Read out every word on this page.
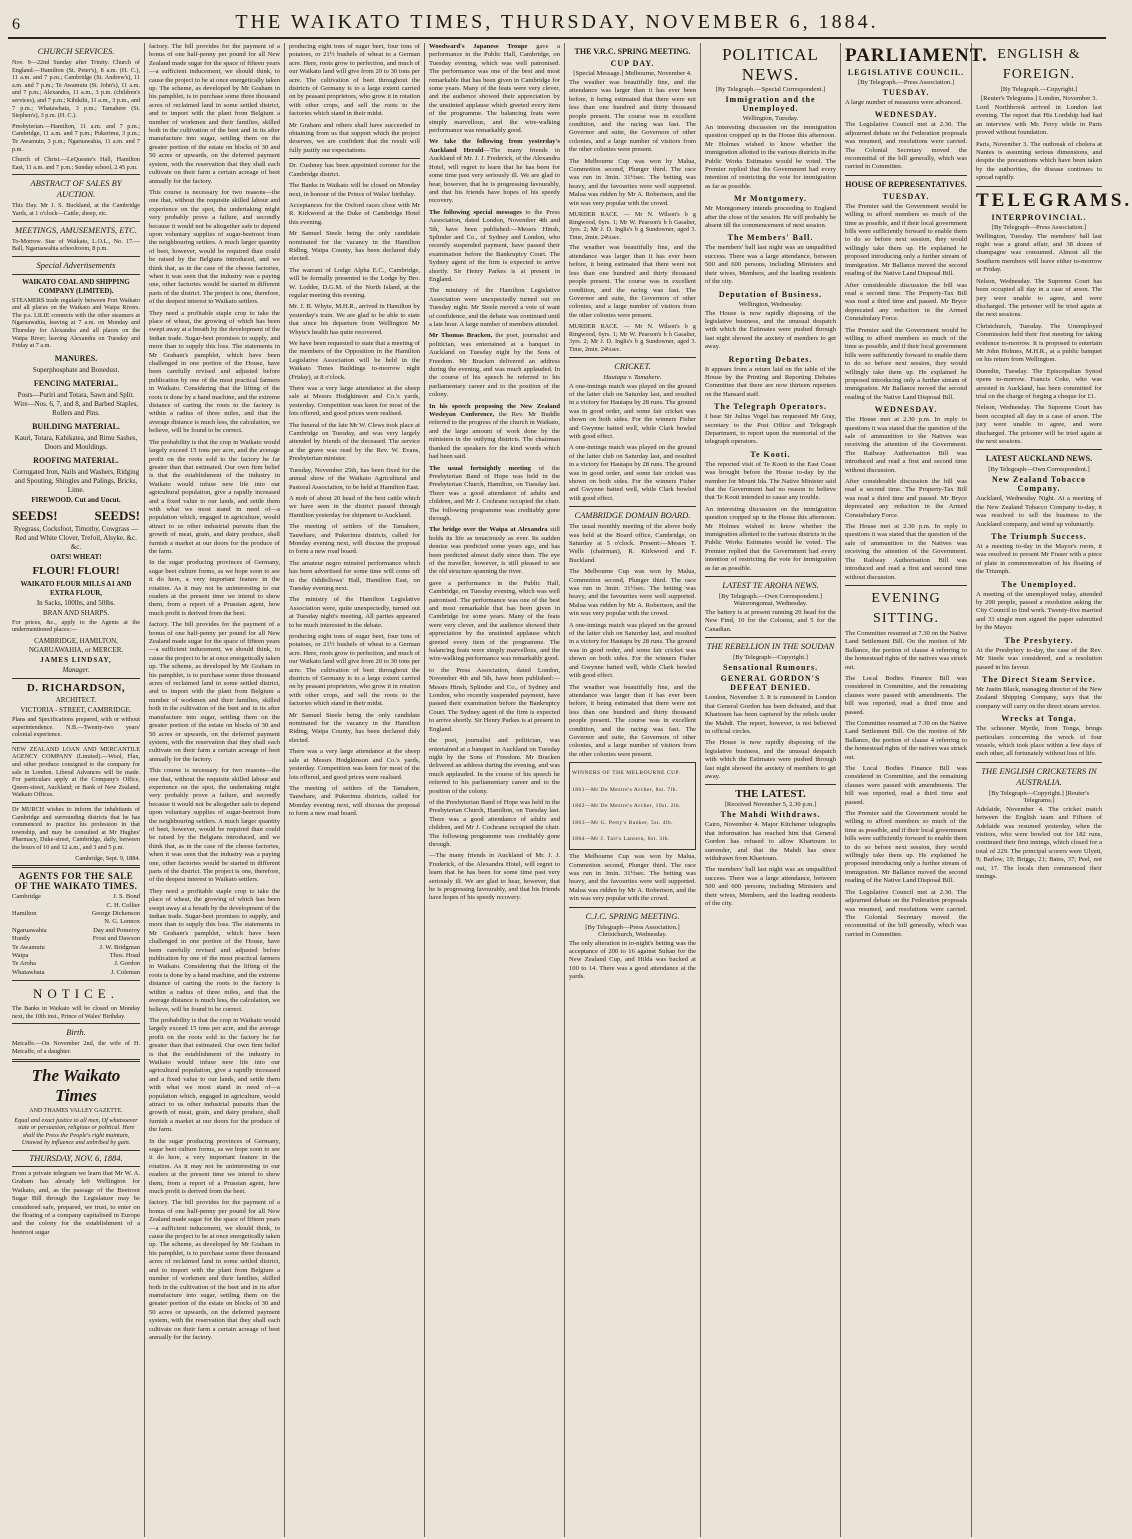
6	THE WAIKATO TIMES, THURSDAY, NOVEMBER 6, 1884.
CHURCH SERVICES.

Nov. 9—22nd Sunday after Trinity. Church of England.—Hamilton (St. Peter's), 8 a.m. (H. C.), 11 a.m. and 7 p.m.; Cambridge (St. Andrew's), 11 a.m. and 7 p.m.; Te Awamutu (St. John's), 11 a.m. and 7 p.m.; Alexandra, 11 a.m., 3 p.m. (children's services), and 7 p.m.; Kihikihi, 11 a.m., 3 p.m., and 7 p.m.; Whatawhata, 3 p.m.; Tamahere (St. Stephen's), 3 p.m. (H. C.).

Presbyterian.—Hamilton, 11 a.m. and 7 p.m.; Cambridge, 11 a.m. and 7 p.m.; Pukerimu, 3 p.m.; Te Awamutu, 3 p.m.; Ngaruawahia, 11 a.m. and 7 p.m.

Church of Christ.—LeQuesne's Hall, Hamilton East, 11 a.m. and 7 p.m.; Sunday school, 2.45 p.m.

ABSTRACT OF SALES BY AUCTION.

This Day. Mr J. S. Buckland, at the Cambridge Yards, at 1 o'clock—Cattle, sheep, etc.

MEETINGS, AMUSEMENTS, ETC.

To-Morrow. Star of Waikato, L.O.L., No. 17.—Ball, Ngaruawahia schoolroom, 8 p.m.

Special Advertisements
WAIKATO COAL AND SHIPPING COMPANY (LIMITED).

STEAMERS trade regularly between Port Waikato and all places on the Waikato and Waipa Rivers. The p.s. LILIE connects with the other steamers at Ngaruawahia, leaving at 7 a.m. on Monday and Thursday for Alexandra and all places on the Waipa River; leaving Alexandra on Tuesday and Friday at 7 a.m.

MANURES.
Superphosphate and Bonedust.
FENCING MATERIAL.
Posts—Puriri and Totara, Sawn and Split. Wire—Nos. 6, 7, and 8, and Barbed Staples, Rollers and Pins.
BUILDING MATERIAL.
Kauri, Totara, Kahikatea, and Rimu Sashes, Doors and Mouldings.
ROOFING MATERIAL.
Corrugated Iron, Nails and Washers, Ridging and Spouting, Shingles and Palings, Bricks, Lime.
FIREWOOD. Cut and Uncut.
SEEDS!	SEEDS!
Ryegrass, Cocksfoot, Timothy, Cowgrass — Red and White Clover, Trefoil, Alsyke, &c. &c.
OATS! WHEAT!
FLOUR! FLOUR!
WAIKATO FLOUR MILLS A1 AND EXTRA FLOUR,
In Sacks, 100lbs, and 50lbs.
BRAN AND SHARPS.

For prices, &c., apply to the Agents at the undermentioned places:—

CAMBRIDGE, HAMILTON, NGARUAWAHIA, or MERCER.
JAMES LINDSAY,
Manager.
D. RICHARDSON,
ARCHITECT.
VICTORIA - STREET, CAMBRIDGE.

Plans and Specifications prepared, with or without superintendence. N.B.—Twenty-two years' colonial experience.

NEW ZEALAND LOAN AND MERCANTILE AGENCY COMPANY (Limited).—Wool, Flax, and other produce consigned to the company for sale in London. Liberal Advances will be made. For particulars apply at the Company's Office, Queen-street, Auckland; or Bank of New Zealand, Waikato Offices.

Dr MURCH wishes to inform the inhabitants of Cambridge and surrounding districts that he has commenced to practice his profession in that township, and may be consulted at Mr Hughes' Pharmacy, Duke-street, Cambridge, daily, between the hours of 10 and 12 a.m., and 3 and 5 p.m.

Cambridge, Sept. 9, 1884.

AGENTS FOR THE SALE OF THE WAIKATO TIMES.
Cambridge	J. S. Bond
C. H. Collier
Hamilton	George Dickenson
N. G. Lennox
Ngaruawahia	Day and Pomeroy
Huntly	Frost and Dawson
Te Awamutu	J. W. Bridgman
Waipa	Thos. Hoad
Te Aroha	J. Gordon
Whatawhata	J. Coleman
NOTICE.

The Banks in Waikato will be closed on Monday next, the 10th inst., Prince of Wales' Birthday.

Birth.

Metcalfe.—On November 2nd, the wife of H. Metcalfe, of a daughter.

The Waikato Times
AND THAMES VALLEY GAZETTE.

Equal and exact justice to all men, Of whatsoever state or persuasion, religious or political. Here shall the Press the People's right maintain, Unawed by influence and unbribed by gain.

THURSDAY, NOV. 6, 1884.

From a private telegram we learn that Mr W. A. Graham has already left Wellington for Waikato, and, as the passage of the Beetroot Sugar Bill through the Legislature may be considered safe, prepared, we trust, to enter on the floating of a company capitalised in Europe and the colony for the establishment of a beetroot sugar

factory. The bill provides for the payment of a bonus of one half-penny per pound for all New Zealand made sugar for the space of fifteen years—a sufficient inducement, we should think, to cause the project to be at once energetically taken up. The scheme, as developed by Mr Graham in his pamphlet, is to purchase some three thousand acres of reclaimed land in some settled district, and to import with the plant from Belgium a number of workmen and their families, skilled both in the cultivation of the beet and in its after manufacture into sugar, settling them on the greater portion of the estate on blocks of 30 and 50 acres or upwards, on the deferred payment system, with the reservation that they shall each cultivate on their farm a certain acreage of beet annually for the factory.

This course is necessary for two reasons—the one that, without the requisite skilled labour and experience on the spot, the undertaking might very probably prove a failure, and secondly because it would not be altogether safe to depend upon voluntary supplies of sugar-beetroot from the neighbouring settlers. A much larger quantity of beet, however, would be required than could be raised by the Belgians introduced, and we think that, as in the case of the cheese factories, when it was seen that the industry was a paying one, other factories would be started in different parts of the district. The project is one, therefore, of the deepest interest to Waikato settlers.

They need a profitable staple crop to take the place of wheat, the growing of which has been swept away at a breath by the development of the Indian trade. Sugar-beet promises to supply, and more than to supply this loss. The statements in Mr Graham's pamphlet, which have been challenged in one portion of the House, have been carefully revised and adjusted before publication by one of the most practical farmers in Waikato. Considering that the lifting of the roots is done by a hand machine, and the extreme distance of carting the roots to the factory is within a radius of three miles, and that the average distance is much less, the calculation, we believe, will be found to be correct.

The probability is that the crop in Waikato would largely exceed 15 tons per acre, and the average profit on the roots sold to the factory be far greater than that estimated. Our own firm belief is that the establishment of the industry in Waikato would infuse new life into our agricultural population, give a rapidly increased and a fixed value to our lands, and settle them with what we most stand in need of—a population which, engaged in agriculture, would attract to us other industrial pursuits than the growth of meat, grain, and dairy produce, shall furnish a market at our doors for the produce of the farm.

In the sugar producing provinces of Germany, sugar beet culture forms, as we hope soon to see it do here, a very important feature in the rotation. As it may not be uninteresting to our readers at the present time we intend to show them, from a report of a Prussian agent, how much profit is derived from the beet.

factory. The bill provides for the payment of a bonus of one half-penny per pound for all New Zealand made sugar for the space of fifteen years—a sufficient inducement, we should think, to cause the project to be at once energetically taken up. The scheme, as developed by Mr Graham in his pamphlet, is to purchase some three thousand acres of reclaimed land in some settled district, and to import with the plant from Belgium a number of workmen and their families, skilled both in the cultivation of the beet and in its after manufacture into sugar, settling them on the greater portion of the estate on blocks of 30 and 50 acres or upwards, on the deferred payment system, with the reservation that they shall each cultivate on their farm a certain acreage of beet annually for the factory.

This course is necessary for two reasons—the one that, without the requisite skilled labour and experience on the spot, the undertaking might very probably prove a failure, and secondly because it would not be altogether safe to depend upon voluntary supplies of sugar-beetroot from the neighbouring settlers. A much larger quantity of beet, however, would be required than could be raised by the Belgians introduced, and we think that, as in the case of the cheese factories, when it was seen that the industry was a paying one, other factories would be started in different parts of the district. The project is one, therefore, of the deepest interest to Waikato settlers.

They need a profitable staple crop to take the place of wheat, the growing of which has been swept away at a breath by the development of the Indian trade. Sugar-beet promises to supply, and more than to supply this loss. The statements in Mr Graham's pamphlet, which have been challenged in one portion of the House, have been carefully revised and adjusted before publication by one of the most practical farmers in Waikato. Considering that the lifting of the roots is done by a hand machine, and the extreme distance of carting the roots to the factory is within a radius of three miles, and that the average distance is much less, the calculation, we believe, will be found to be correct.

The probability is that the crop in Waikato would largely exceed 15 tons per acre, and the average profit on the roots sold to the factory be far greater than that estimated. Our own firm belief is that the establishment of the industry in Waikato would infuse new life into our agricultural population, give a rapidly increased and a fixed value to our lands, and settle them with what we most stand in need of—a population which, engaged in agriculture, would attract to us other industrial pursuits than the growth of meat, grain, and dairy produce, shall furnish a market at our doors for the produce of the farm.

In the sugar producing provinces of Germany, sugar beet culture forms, as we hope soon to see it do here, a very important feature in the rotation. As it may not be uninteresting to our readers at the present time we intend to show them, from a report of a Prussian agent, how much profit is derived from the beet.

factory. The bill provides for the payment of a bonus of one half-penny per pound for all New Zealand made sugar for the space of fifteen years—a sufficient inducement, we should think, to cause the project to be at once energetically taken up. The scheme, as developed by Mr Graham in his pamphlet, is to purchase some three thousand acres of reclaimed land in some settled district, and to import with the plant from Belgium a number of workmen and their families, skilled both in the cultivation of the beet and in its after manufacture into sugar, settling them on the greater portion of the estate on blocks of 30 and 50 acres or upwards, on the deferred payment system, with the reservation that they shall each cultivate on their farm a certain acreage of beet annually for the factory.

producing eight tons of sugar beet, four tons of potatoes, or 21½ bushels of wheat to a German acre. Here, roots grow to perfection, and much of our Waikato land will give from 20 to 30 tons per acre. The cultivation of beet throughout the districts of Germany is to a large extent carried on by peasant proprietors, who grow it in rotation with other crops, and sell the roots to the factories which stand in their midst.

Mr Graham and others shall have succeeded in obtaining from us that support which the project deserves, we are confident that the result will fully justify our expectations.

Dr. Cushney has been appointed coroner for the Cambridge district.

The Banks in Waikato will be closed on Monday next, in honour of the Prince of Wales' birthday.

Acceptances for the Oxford races close with Mr R. Kirkwood at the Duke of Cambridge Hotel this evening.

Mr Samuel Steele being the only candidate nominated for the vacancy in the Hamilton Riding, Waipa County, has been declared duly elected.

The warrant of Lodge Alpha E.C., Cambridge, will be formally presented to the Lodge by Bro. W. Lodder, D.G.M. of the North Island, at the regular meeting this evening.

Mr. J. B. Whyte, M.H.R., arrived in Hamilton by yesterday's train. We are glad to be able to state that since his departure from Wellington Mr Whyte's health has quite recovered.

We have been requested to state that a meeting of the members of the Opposition in the Hamilton Legislative Association will be held in the Waikato Times Buildings to-morrow night (Friday), at 8 o'clock.

There was a very large attendance at the sheep sale at Messrs Hodgkinson and Co.'s yards, yesterday. Competition was keen for most of the lots offered, and good prices were realised.

The funeral of the late Mr W. Clews took place at Cambridge on Tuesday, and was very largely attended by friends of the deceased. The service at the grave was read by the Rev. W. Evans, Presbyterian minister.

Tuesday, November 25th, has been fixed for the annual show of the Waikato Agricultural and Pastoral Association, to be held at Hamilton East.

A mob of about 20 head of the best cattle which we have seen in the district passed through Hamilton yesterday for shipment to Auckland.

The meeting of settlers of the Tamahere, Tauwhare, and Pukerimu districts, called for Monday evening next, will discuss the proposal to form a new road board.

The amateur negro minstrel performance which has been advertised for some time will come off in the Oddfellows' Hall, Hamilton East, on Tuesday evening next.

The ministry of the Hamilton Legislative Association were, quite unexpectedly, turned out at Tuesday night's meeting. All parties appeared to be much interested in the debate.

producing eight tons of sugar beet, four tons of potatoes, or 21½ bushels of wheat to a German acre. Here, roots grow to perfection, and much of our Waikato land will give from 20 to 30 tons per acre. The cultivation of beet throughout the districts of Germany is to a large extent carried on by peasant proprietors, who grow it in rotation with other crops, and sell the roots to the factories which stand in their midst.

Mr Samuel Steele being the only candidate nominated for the vacancy in the Hamilton Riding, Waipa County, has been declared duly elected.

There was a very large attendance at the sheep sale at Messrs Hodgkinson and Co.'s yards, yesterday. Competition was keen for most of the lots offered, and good prices were realised.

The meeting of settlers of the Tamahere, Tauwhare, and Pukerimu districts, called for Monday evening next, will discuss the proposal to form a new road board.

Woodward's Japanese Troupe gave a performance in the Public Hall, Cambridge, on Tuesday evening, which was well patronised. The performance was one of the best and most remarkable that has been given in Cambridge for some years. Many of the feats were very clever, and the audience showed their appreciation by the unstinted applause which greeted every item of the programme. The balancing feats were simply marvellous, and the wire-walking performance was remarkably good.

We take the following from yesterday's Auckland Herald—The many friends in Auckland of Mr. J. J. Frederick, of the Alexandra Hotel, will regret to learn that he has been for some time past very seriously ill. We are glad to hear, however, that he is progressing favourably, and that his friends have hopes of his speedy recovery.

The following special messages to the Press Association, dated London, November 4th and 5th, have been published:—Messrs Hinsh, Splinder and Co., of Sydney and London, who recently suspended payment, have passed their examination before the Bankruptcy Court. The Sydney agent of the firm is expected to arrive shortly. Sir Henry Parkes is at present in England.

The ministry of the Hamilton Legislative Association were unexpectedly turned out on Tuesday night. Mr Steele moved a vote of want of confidence, and the debate was continued until a late hour. A large number of members attended.

Mr Thomas Bracken, the poet, journalist and politician, was entertained at a banquet in Auckland on Tuesday night by the Sons of Freedom. Mr Bracken delivered an address during the evening, and was much applauded. In the course of his speech he referred to his parliamentary career and to the position of the colony.

In his speech proposing the New Zealand Wesleyan Conference, the Rev. Mr Buddle referred to the progress of the church in Waikato, and the large amount of work done by the ministers in the outlying districts. The chairman thanked the speakers for the kind words which had been said.

The usual fortnightly meeting of the Presbyterian Band of Hope was held in the Presbyterian Church, Hamilton, on Tuesday last. There was a good attendance of adults and children, and Mr J. Cochrane occupied the chair. The following programme was creditably gone through.

The bridge over the Waipa at Alexandra still holds its life as tenaciously as ever. Its sudden demise was predicted some years ago, and has been predicted almost daily since then. The eye of the traveller, however, is still pleased to see the old structure spanning the river.

gave a performance in the Public Hall, Cambridge, on Tuesday evening, which was well patronised. The performance was one of the best and most remarkable that has been given in Cambridge for some years. Many of the feats were very clever, and the audience showed their appreciation by the unstinted applause which greeted every item of the programme. The balancing feats were simply marvellous, and the wire-walking performance was remarkably good.

to the Press Association, dated London, November 4th and 5th, have been published:—Messrs Hinsh, Splinder and Co., of Sydney and London, who recently suspended payment, have passed their examination before the Bankruptcy Court. The Sydney agent of the firm is expected to arrive shortly. Sir Henry Parkes is at present in England.

the poet, journalist and politician, was entertained at a banquet in Auckland on Tuesday night by the Sons of Freedom. Mr Bracken delivered an address during the evening, and was much applauded. In the course of his speech he referred to his parliamentary career and to the position of the colony.

of the Presbyterian Band of Hope was held in the Presbyterian Church, Hamilton, on Tuesday last. There was a good attendance of adults and children, and Mr J. Cochrane occupied the chair. The following programme was creditably gone through.

—The many friends in Auckland of Mr. J. J. Frederick, of the Alexandra Hotel, will regret to learn that he has been for some time past very seriously ill. We are glad to hear, however, that he is progressing favourably, and that his friends have hopes of his speedy recovery.

THE V.R.C. SPRING MEETING.
CUP DAY.
[Special Message.] Melbourne, November 4.

The weather was beautifully fine, and the attendance was larger than it has ever been before, it being estimated that there were not less than one hundred and thirty thousand people present. The course was in excellent condition, and the racing was fast. The Governor and suite, the Governors of other colonies, and a large number of visitors from the other colonies were present.

The Melbourne Cup was won by Malua, Commotion second, Plunger third. The race was run in 3min. 31½sec. The betting was heavy, and the favourites were well supported. Malua was ridden by Mr A. Robertson, and the win was very popular with the crowd.

MURDER RACE. — Mr N. Wilson's b g Ringwood, 6yrs. 1; Mr W. Pearson's b h Gasalier, 3yrs. 2; Mr J. D. Inglis's b g Sundowner, aged 3. Time, 2min. 24¼sec.

The weather was beautifully fine, and the attendance was larger than it has ever been before, it being estimated that there were not less than one hundred and thirty thousand people present. The course was in excellent condition, and the racing was fast. The Governor and suite, the Governors of other colonies, and a large number of visitors from the other colonies were present.

MURDER RACE. — Mr N. Wilson's b g Ringwood, 6yrs. 1; Mr W. Pearson's b h Gasalier, 3yrs. 2; Mr J. D. Inglis's b g Sundowner, aged 3. Time, 2min. 24¼sec.

CRICKET.
Hautapu v. Tamahere.

A one-innings match was played on the ground of the latter club on Saturday last, and resulted in a victory for Hautapu by 28 runs. The ground was in good order, and some fair cricket was shown on both sides. For the winners Fisher and Gwynne batted well, while Clark bowled with good effect.

A one-innings match was played on the ground of the latter club on Saturday last, and resulted in a victory for Hautapu by 28 runs. The ground was in good order, and some fair cricket was shown on both sides. For the winners Fisher and Gwynne batted well, while Clark bowled with good effect.

CAMBRIDGE DOMAIN BOARD.

The usual monthly meeting of the above body was held at the Board office, Cambridge, on Saturday at 5 o'clock. Present:—Messrs T. Wells (chairman), R. Kirkwood and F. Buckland.

The Melbourne Cup was won by Malua, Commotion second, Plunger third. The race was run in 3min. 31½sec. The betting was heavy, and the favourites were well supported. Malua was ridden by Mr A. Robertson, and the win was very popular with the crowd.

A one-innings match was played on the ground of the latter club on Saturday last, and resulted in a victory for Hautapu by 28 runs. The ground was in good order, and some fair cricket was shown on both sides. For the winners Fisher and Gwynne batted well, while Clark bowled with good effect.

The weather was beautifully fine, and the attendance was larger than it has ever been before, it being estimated that there were not less than one hundred and thirty thousand people present. The course was in excellent condition, and the racing was fast. The Governor and suite, the Governors of other colonies, and a large number of visitors from the other colonies were present.

WINNERS OF THE MELBOURNE CUP.
1861—Mr De Mestre's Archer, 8st. 7lb.
1862—Mr De Mestre's Archer, 10st. 2lb.
1863—Mr G. Petty's Banker, 5st. 4lb.
1864—Mr J. Tait's Lantern, 6st. 3lb.

The Melbourne Cup was won by Malua, Commotion second, Plunger third. The race was run in 3min. 31½sec. The betting was heavy, and the favourites were well supported. Malua was ridden by Mr A. Robertson, and the win was very popular with the crowd.

C.J.C. SPRING MEETING.
[By Telegraph—Press Association.] Christchurch, Wednesday.

The only alteration in to-night's betting was the acceptance of 200 to 16 against Sultan for the New Zealand Cup, and Hilda was backed at 100 to 14. There was a good attendance at the yards.

POLITICAL NEWS.
[By Telegraph.—Special Correspondent.]
Immigration and the Unemployed.
Wellington, Tuesday.

An interesting discussion on the immigration question cropped up in the House this afternoon. Mr Holmes wished to know whether the immigration allotted to the various districts in the Public Works Estimates would be voted. The Premier replied that the Government had every intention of restricting the vote for immigration as far as possible.

Mr Montgomery.

Mr Montgomery intends proceeding to England after the close of the session. He will probably be absent till the commencement of next session.

The Members' Ball.

The members' ball last night was an unqualified success. There was a large attendance, between 500 and 600 persons, including Ministers and their wives, Members, and the leading residents of the city.

Deputation of Business.
Wellington, Wednesday.

The House is now rapidly disposing of the legislative business, and the unusual despatch with which the Estimates were pushed through last night showed the anxiety of members to get away.

Reporting Debates.

It appears from a return laid on the table of the House by the Printing and Reporting Debates Committee that there are now thirteen reporters on the Hansard staff.

The Telegraph Operators.

I hear Sir Julius Vogel has requested Mr Gray, secretary to the Post Office and Telegraph Department, to report upon the memorial of the telegraph operators.

Te Kooti.

The reported visit of Te Kooti to the East Coast was brought before the House to-day by the member for Mount Ida. The Native Minister said that the Government had no reason to believe that Te Kooti intended to cause any trouble.

An interesting discussion on the immigration question cropped up in the House this afternoon. Mr Holmes wished to know whether the immigration allotted to the various districts in the Public Works Estimates would be voted. The Premier replied that the Government had every intention of restricting the vote for immigration as far as possible.

LATEST TE AROHA NEWS.
[By Telegraph.—Own Correspondent.] Waiorongomai, Wednesday.

The battery is at present running 20 head for the New Find, 10 for the Colonist, and 5 for the Canadian.

THE REBELLION IN THE SOUDAN
[By Telegraph—Copyright.]
Sensational Rumours.
GENERAL GORDON'S DEFEAT DENIED.

London, November 3. It is rumoured in London that General Gordon has been defeated, and that Khartoum has been captured by the rebels under the Mahdi. The report, however, is not believed in official circles.

The House is now rapidly disposing of the legislative business, and the unusual despatch with which the Estimates were pushed through last night showed the anxiety of members to get away.

THE LATEST.
[Received November 5, 2.30 p.m.]
The Mahdi Withdraws.

Cairo, November 4. Major Kitchener telegraphs that information has reached him that General Gordon has refused to allow Khartoum to surrender, and that the Mahdi has since withdrawn from Khartoum.

The members' ball last night was an unqualified success. There was a large attendance, between 500 and 600 persons, including Ministers and their wives, Members, and the leading residents of the city.

PARLIAMENT.
LEGISLATIVE COUNCIL.
[By Telegraph.—Press Association.]
TUESDAY.

A large number of measures were advanced.

WEDNESDAY.

The Legislative Council met at 2.30. The adjourned debate on the Federation proposals was resumed, and resolutions were carried. The Colonial Secretary moved the recommittal of the bill generally, which was carried in Committee.

HOUSE OF REPRESENTATIVES.
TUESDAY.

The Premier said the Government would be willing to afford members so much of the time as possible, and if their local government bills were sufficiently forward to enable them to do so before next session, they would willingly take them up. He explained he proposed introducing only a further stream of immigration. Mr Ballance moved the second reading of the Native Land Disposal Bill.

After considerable discussion the bill was read a second time. The Property-Tax Bill was read a third time and passed. Mr Bryce deprecated any reduction in the Armed Constabulary Force.

The Premier said the Government would be willing to afford members so much of the time as possible, and if their local government bills were sufficiently forward to enable them to do so before next session, they would willingly take them up. He explained he proposed introducing only a further stream of immigration. Mr Ballance moved the second reading of the Native Land Disposal Bill.

WEDNESDAY.

The House met at 2.30 p.m. In reply to questions it was stated that the question of the sale of ammunition to the Natives was receiving the attention of the Government. The Railway Authorisation Bill was introduced and read a first and second time without discussion.

After considerable discussion the bill was read a second time. The Property-Tax Bill was read a third time and passed. Mr Bryce deprecated any reduction in the Armed Constabulary Force.

The House met at 2.30 p.m. In reply to questions it was stated that the question of the sale of ammunition to the Natives was receiving the attention of the Government. The Railway Authorisation Bill was introduced and read a first and second time without discussion.

EVENING SITTING.

The Committee resumed at 7.30 on the Native Land Settlement Bill. On the motion of Mr Ballance, the portion of clause 4 referring to the homestead rights of the natives was struck out.

The Local Bodies Finance Bill was considered in Committee, and the remaining clauses were passed with amendments. The bill was reported, read a third time and passed.

The Committee resumed at 7.30 on the Native Land Settlement Bill. On the motion of Mr Ballance, the portion of clause 4 referring to the homestead rights of the natives was struck out.

The Local Bodies Finance Bill was considered in Committee, and the remaining clauses were passed with amendments. The bill was reported, read a third time and passed.

The Premier said the Government would be willing to afford members so much of the time as possible, and if their local government bills were sufficiently forward to enable them to do so before next session, they would willingly take them up. He explained he proposed introducing only a further stream of immigration. Mr Ballance moved the second reading of the Native Land Disposal Bill.

The Legislative Council met at 2.30. The adjourned debate on the Federation proposals was resumed, and resolutions were carried. The Colonial Secretary moved the recommittal of the bill generally, which was carried in Committee.

ENGLISH & FOREIGN.
[By Telegraph.—Copyright.]
[Reuter's Telegrams.] London, November 3.

Lord Northbrook arrived in London last evening. The report that His Lordship had had an interview with Mr. Ferry while in Paris proved without foundation.

Paris, November 3. The outbreak of cholera at Nantes is assuming serious dimensions, and despite the precautions which have been taken by the authorities, the disease continues to spread rapidly.

TELEGRAMS.
INTERPROVINCIAL.
[By Telegraph—Press Association.]

Wellington, Tuesday. The members' ball last night was a grand affair, and 38 dozen of champagne was consumed. Almost all the Southern members will leave either to-morrow or Friday.

Nelson, Wednesday. The Supreme Court has been occupied all day in a case of arson. The jury were unable to agree, and were discharged. The prisoner will be tried again at the next sessions.

Christchurch, Tuesday. The Unemployed Commission held their first meeting for taking evidence to-morrow. It is proposed to entertain Mr John Holmes, M.H.R., at a public banquet on his return from Wellington.

Dunedin, Tuesday. The Episcopalian Synod opens to-morrow. Francis Coke, who was arrested in Auckland, has been committed for trial on the charge of forging a cheque for £1.

Nelson, Wednesday. The Supreme Court has been occupied all day in a case of arson. The jury were unable to agree, and were discharged. The prisoner will be tried again at the next sessions.

LATEST AUCKLAND NEWS.
[By Telegraph—Own Correspondent.]
New Zealand Tobacco Company.

Auckland, Wednesday Night. At a meeting of the New Zealand Tobacco Company to-day, it was resolved to sell the business to the Auckland company, and wind up voluntarily.

The Triumph Success.

At a meeting to-day in the Mayor's room, it was resolved to present Mr Fraser with a piece of plate in commemoration of his floating of the Triumph.

The Unemployed.

A meeting of the unemployed today, attended by 200 people, passed a resolution asking the City Council to find work. Twenty-five married and 33 single men signed the paper submitted by the Mayor.

The Presbytery.

At the Presbytery to-day, the case of the Rev. Mr Steele was considered, and a resolution passed in his favour.

The Direct Steam Service.

Mr Justin Black, managing director of the New Zealand Shipping Company, says that the company will carry on the direct steam service.

Wrecks at Tonga.

The schooner Myrtle, from Tonga, brings particulars concerning the wreck of four vessels, which took place within a few days of each other, all fortunately without loss of life.

THE ENGLISH CRICKETERS IN AUSTRALIA.
[By Telegraph—Copyright.] [Reuter's Telegrams.]

Adelaide, November 4. The cricket match between the English team and Fifteen of Adelaide was resumed yesterday, when the visitors, who were bowled out for 182 runs, continued their first innings, which closed for a total of 229. The principal scorers were Ulyett, 9; Barlow, 19; Briggs, 21; Bates, 37; Peel, not out, 17. The locals then commenced their innings.
